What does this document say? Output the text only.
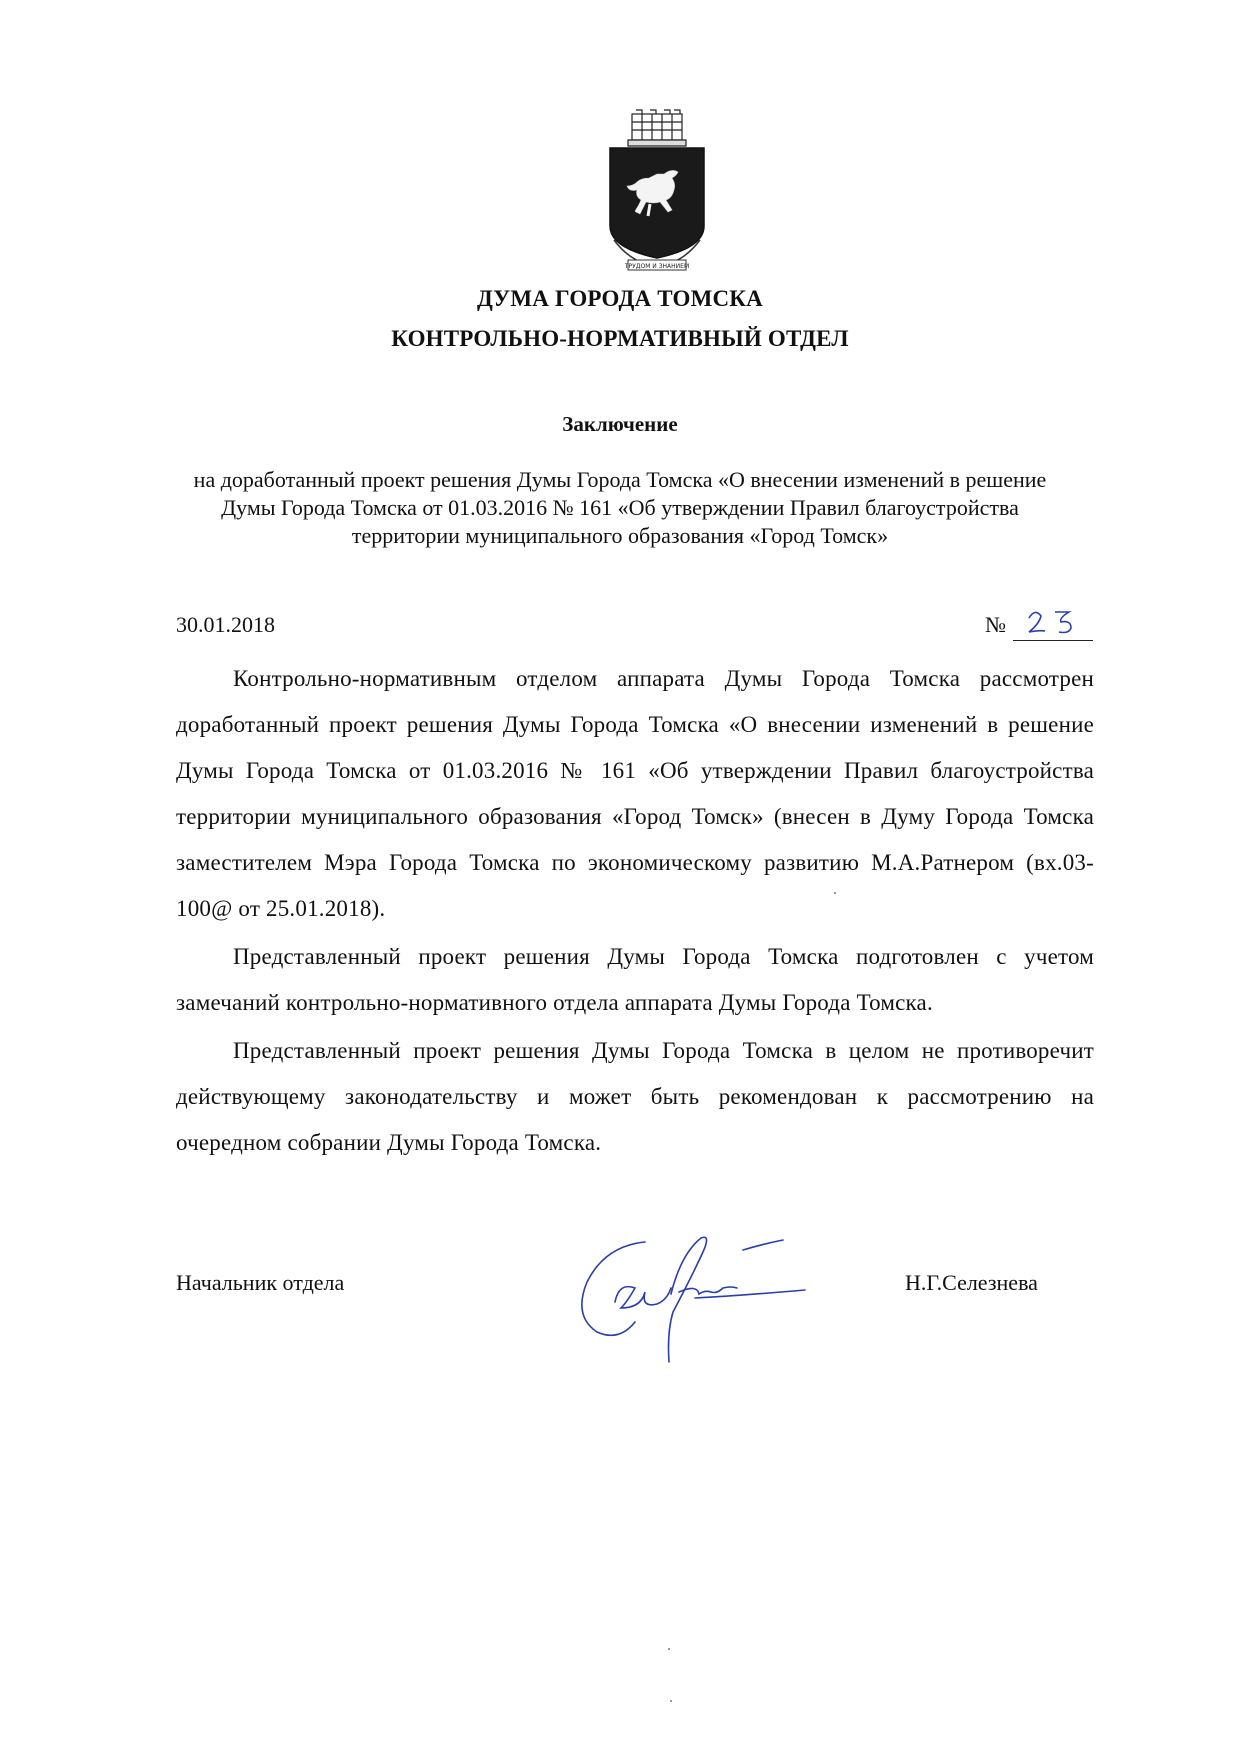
ТРУДОМ И ЗНАНИЕМ
ДУМА ГОРОДА ТОМСКА
КОНТРОЛЬНО-НОРМАТИВНЫЙ ОТДЕЛ
Заключение
на доработанный проект решения Думы Города Томска «О внесении изменений в решение Думы Города Томска от 01.03.2016 № 161 «Об утверждении Правил благоустройства территории муниципального образования «Город Томск»
30.01.2018	№

Контрольно-нормативным отделом аппарата Думы Города Томска рассмотрен доработанный проект решения Думы Города Томска «О внесении изменений в решение Думы Города Томска от 01.03.2016 № 161 «Об утверждении Правил благоустройства территории муниципального образования «Город Томск» (внесен в Думу Города Томска заместителем Мэра Города Томска по экономическому развитию М.А.Ратнером (вх.03- 100@ от 25.01.2018).

Представленный проект решения Думы Города Томска подготовлен с учетом замечаний контрольно-нормативного отдела аппарата Думы Города Томска.

Представленный проект решения Думы Города Томска в целом не противоречит действующему законодательству и может быть рекомендован к рассмотрению на очередном собрании Думы Города Томска.

Начальник отдела	Н.Г.Селезнева
